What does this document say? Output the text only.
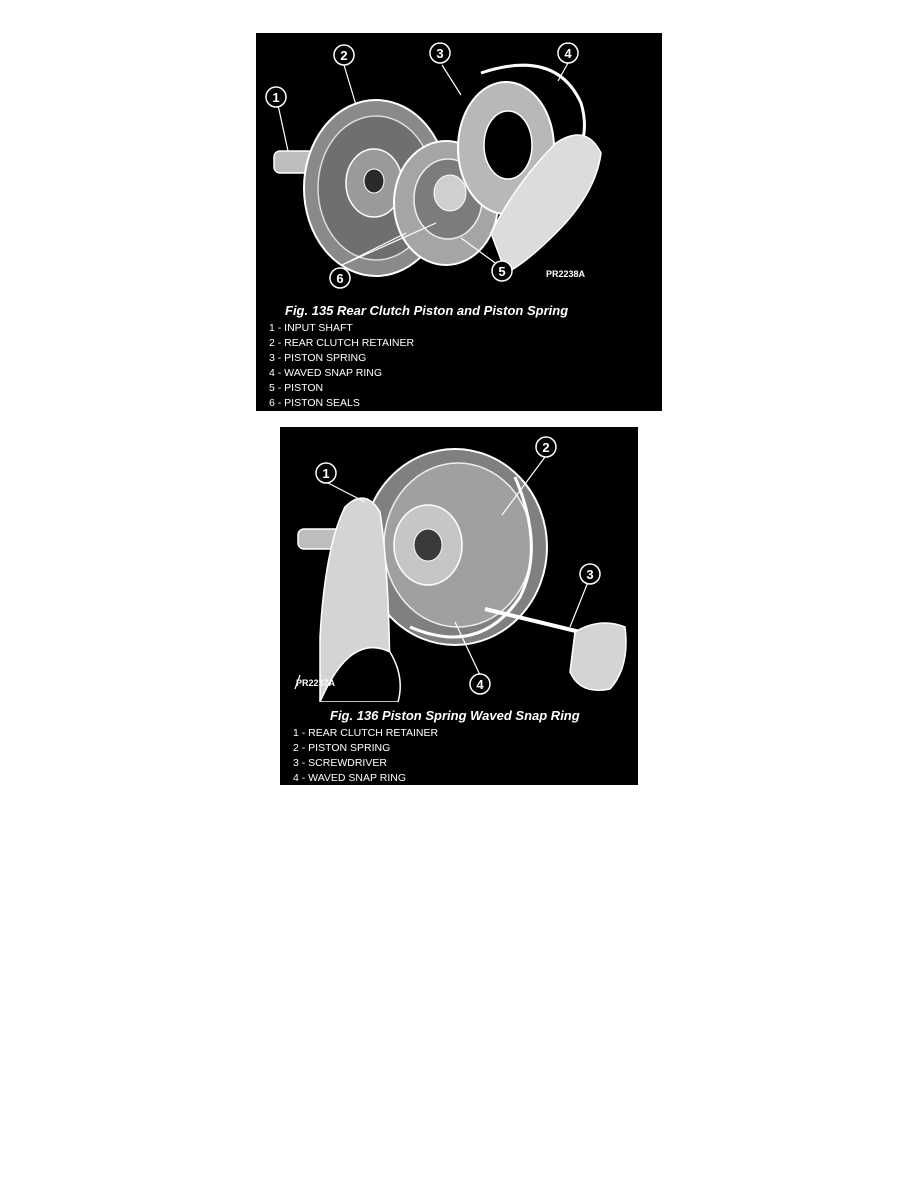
1
2	3	4
5
6	PR2238A
Fig. 135 Rear Clutch Piston and Piston Spring
1 - INPUT SHAFT
2 - REAR CLUTCH RETAINER
3 - PISTON SPRING
4 - WAVED SNAP RING
5 - PISTON
6 - PISTON SEALS
1
2
3
4
PR2237A
Fig. 136 Piston Spring Waved Snap Ring
1 - REAR CLUTCH RETAINER
2 - PISTON SPRING
3 - SCREWDRIVER
4 - WAVED SNAP RING
